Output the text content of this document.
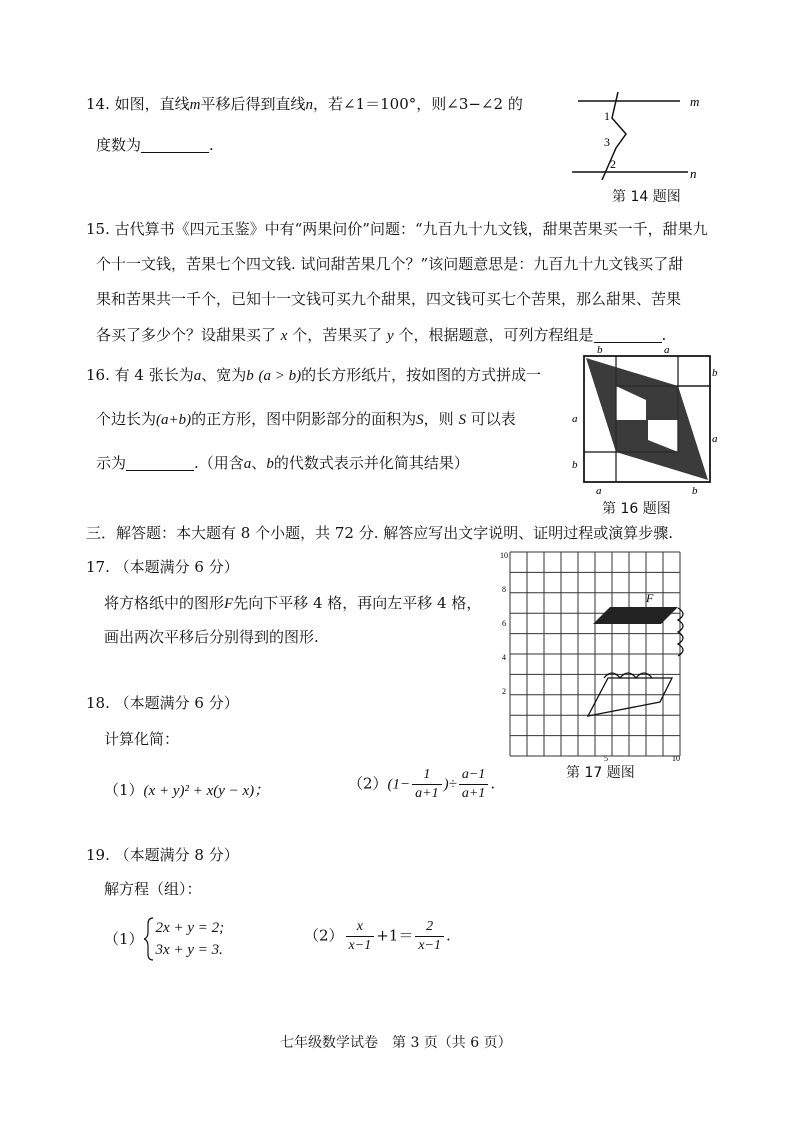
14. 如图，直线m平移后得到直线n，若∠1＝100°，则∠3−∠2 的
度数为	.
m
n
1
3
2
第 14 题图
15. 古代算书《四元玉鉴》中有“两果问价”问题：“九百九十九文钱，甜果苦果买一千，甜果九
个十一文钱，苦果七个四文钱. 试问甜苦果几个？”该问题意思是：九百九十九文钱买了甜
果和苦果共一千个，已知十一文钱可买九个甜果，四文钱可买七个苦果，那么甜果、苦果
各买了多少个？设甜果买了 x 个，苦果买了 y 个，根据题意，可列方程组是	.
16. 有 4 张长为a、宽为b (a > b)的长方形纸片，按如图的方式拼成一
个边长为(a+b)的正方形，图中阴影部分的面积为S，则 S 可以表
示为	.（用含a、b的代数式表示并化简其结果）
b	a
b
a
a
b
a	b
第 16 题图
三．解答题：本大题有 8 个小题，共 72 分. 解答应写出文字说明、证明过程或演算步骤.
17. （本题满分 6 分）
将方格纸中的图形F先向下平移 4 格，再向左平移 4 格，
画出两次平移后分别得到的图形.
10
8
6
4
2
5	10
F
第 17 题图
18. （本题满分 6 分）
计算化简：
（1）(x + y)² + x(y − x)；	$(2)(1- \frac{1}{a+1}$ )÷ $\frac{a-1}{a+1}$ .
19. （本题满分 8 分）
解方程（组）：
（1）
2x + y = 2;
3x + y = 3.
$(2) \frac{x}{x-1} +1= \frac{2}{x-1}$ .
七年级数学试卷　第 3 页（共 6 页）
